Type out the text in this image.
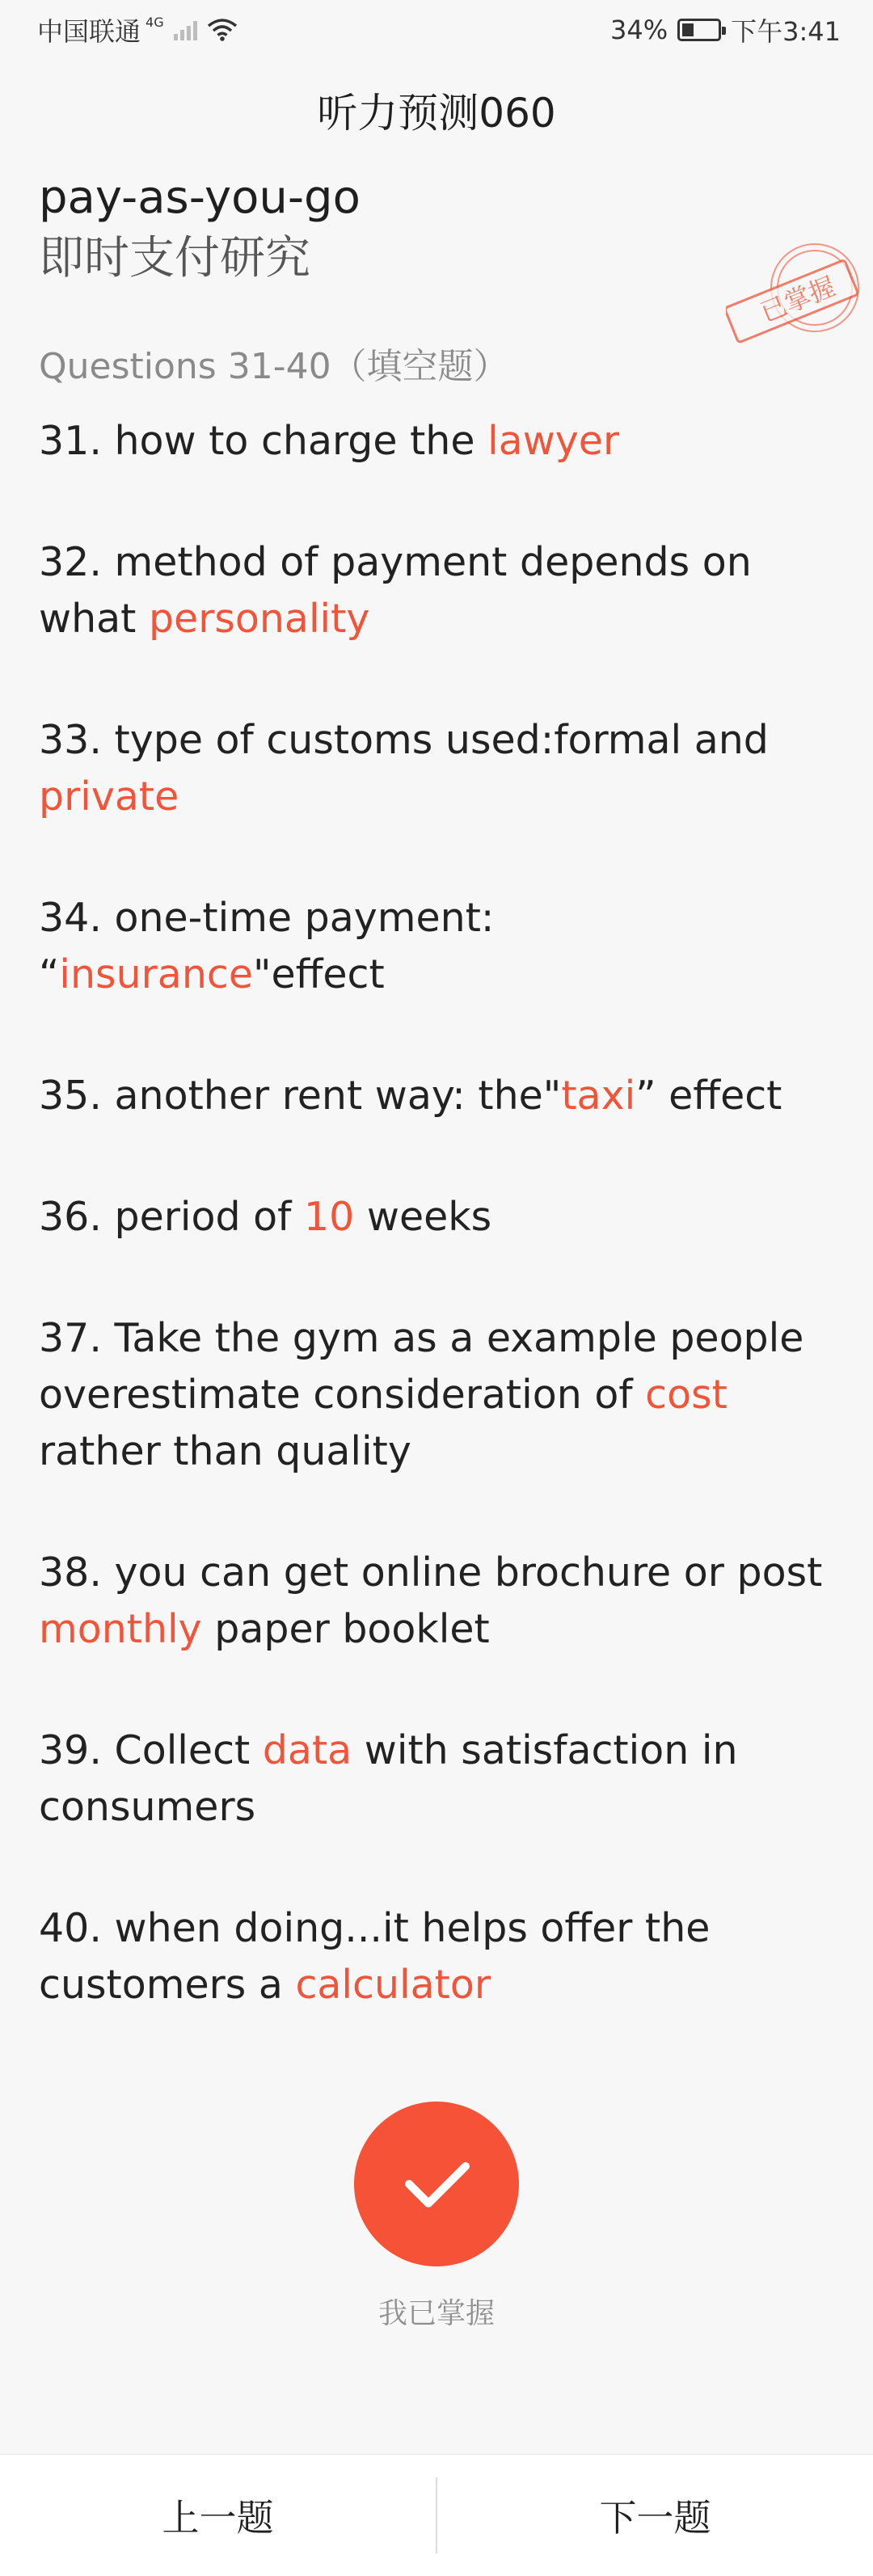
中国联通 4G	34% 下午3:41
听力预测060
已掌握
pay-as-you-go
即时支付研究
Questions 31-40（填空题）
31. how to charge the lawyer
32. method of payment depends on what personality
33. type of customs used:formal and private
34. one-time payment: “insurance"effect
35. another rent way: the"taxi” effect
36. period of 10 weeks
37. Take the gym as a example people overestimate consideration of cost rather than quality
38. you can get online brochure or post monthly paper booklet
39. Collect data with satisfaction in consumers
40. when doing...it helps offer the customers a calculator
我已掌握
上一题	下一题
